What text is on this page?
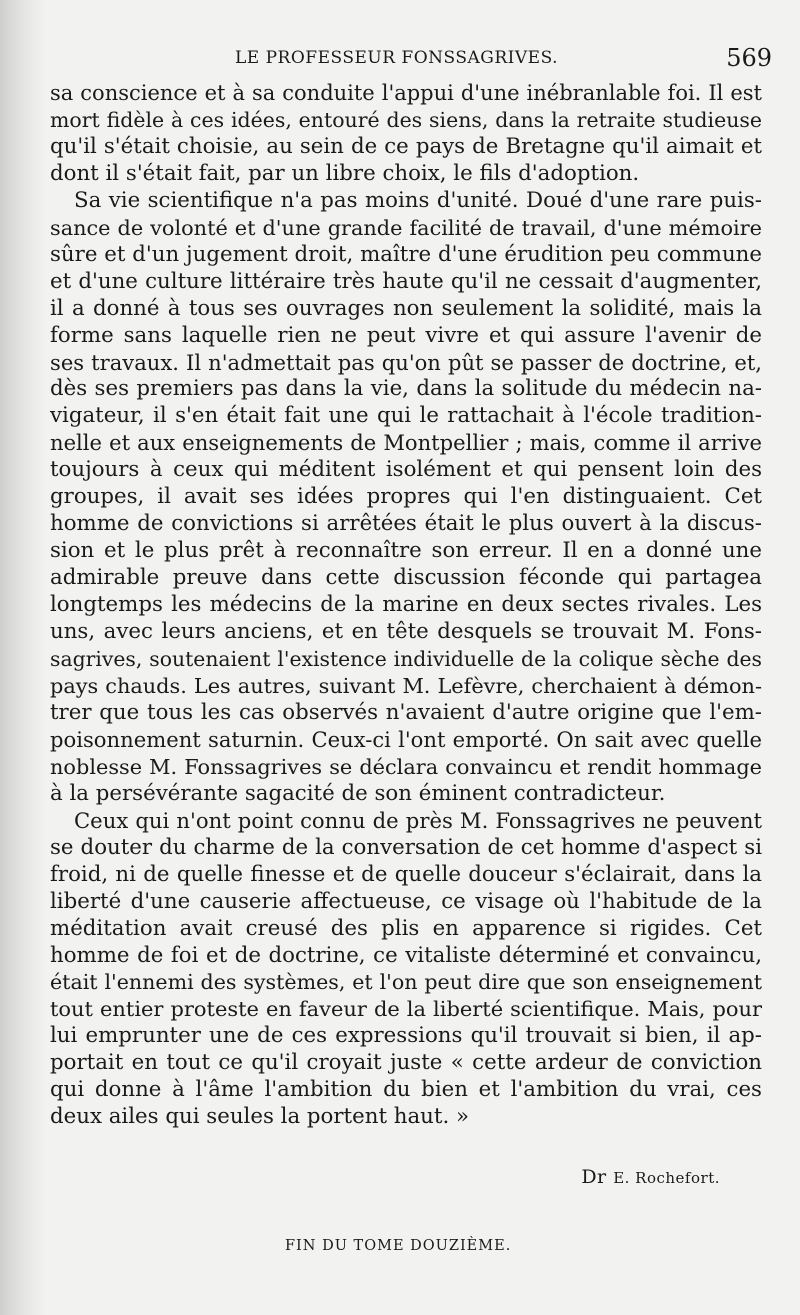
LE PROFESSEUR FONSSAGRIVES.	569
sa conscience et à sa conduite l'appui d'une inébranlable foi. Il est
mort fidèle à ces idées, entouré des siens, dans la retraite studieuse
qu'il s'était choisie, au sein de ce pays de Bretagne qu'il aimait et
dont il s'était fait, par un libre choix, le fils d'adoption.
Sa vie scientifique n'a pas moins d'unité. Doué d'une rare puis-
sance de volonté et d'une grande facilité de travail, d'une mémoire
sûre et d'un jugement droit, maître d'une érudition peu commune
et d'une culture littéraire très haute qu'il ne cessait d'augmenter,
il a donné à tous ses ouvrages non seulement la solidité, mais la
forme sans laquelle rien ne peut vivre et qui assure l'avenir de
ses travaux. Il n'admettait pas qu'on pût se passer de doctrine, et,
dès ses premiers pas dans la vie, dans la solitude du médecin na-
vigateur, il s'en était fait une qui le rattachait à l'école tradition-
nelle et aux enseignements de Montpellier ; mais, comme il arrive
toujours à ceux qui méditent isolément et qui pensent loin des
groupes, il avait ses idées propres qui l'en distinguaient. Cet
homme de convictions si arrêtées était le plus ouvert à la discus-
sion et le plus prêt à reconnaître son erreur. Il en a donné une
admirable preuve dans cette discussion féconde qui partagea
longtemps les médecins de la marine en deux sectes rivales. Les
uns, avec leurs anciens, et en tête desquels se trouvait M. Fons-
sagrives, soutenaient l'existence individuelle de la colique sèche des
pays chauds. Les autres, suivant M. Lefèvre, cherchaient à démon-
trer que tous les cas observés n'avaient d'autre origine que l'em-
poisonnement saturnin. Ceux-ci l'ont emporté. On sait avec quelle
noblesse M. Fonssagrives se déclara convaincu et rendit hommage
à la persévérante sagacité de son éminent contradicteur.
Ceux qui n'ont point connu de près M. Fonssagrives ne peuvent
se douter du charme de la conversation de cet homme d'aspect si
froid, ni de quelle finesse et de quelle douceur s'éclairait, dans la
liberté d'une causerie affectueuse, ce visage où l'habitude de la
méditation avait creusé des plis en apparence si rigides. Cet
homme de foi et de doctrine, ce vitaliste déterminé et convaincu,
était l'ennemi des systèmes, et l'on peut dire que son enseignement
tout entier proteste en faveur de la liberté scientifique. Mais, pour
lui emprunter une de ces expressions qu'il trouvait si bien, il ap-
portait en tout ce qu'il croyait juste « cette ardeur de conviction
qui donne à l'âme l'ambition du bien et l'ambition du vrai, ces
deux ailes qui seules la portent haut. »
Dr E. Rochefort.
FIN DU TOME DOUZIÈME.
